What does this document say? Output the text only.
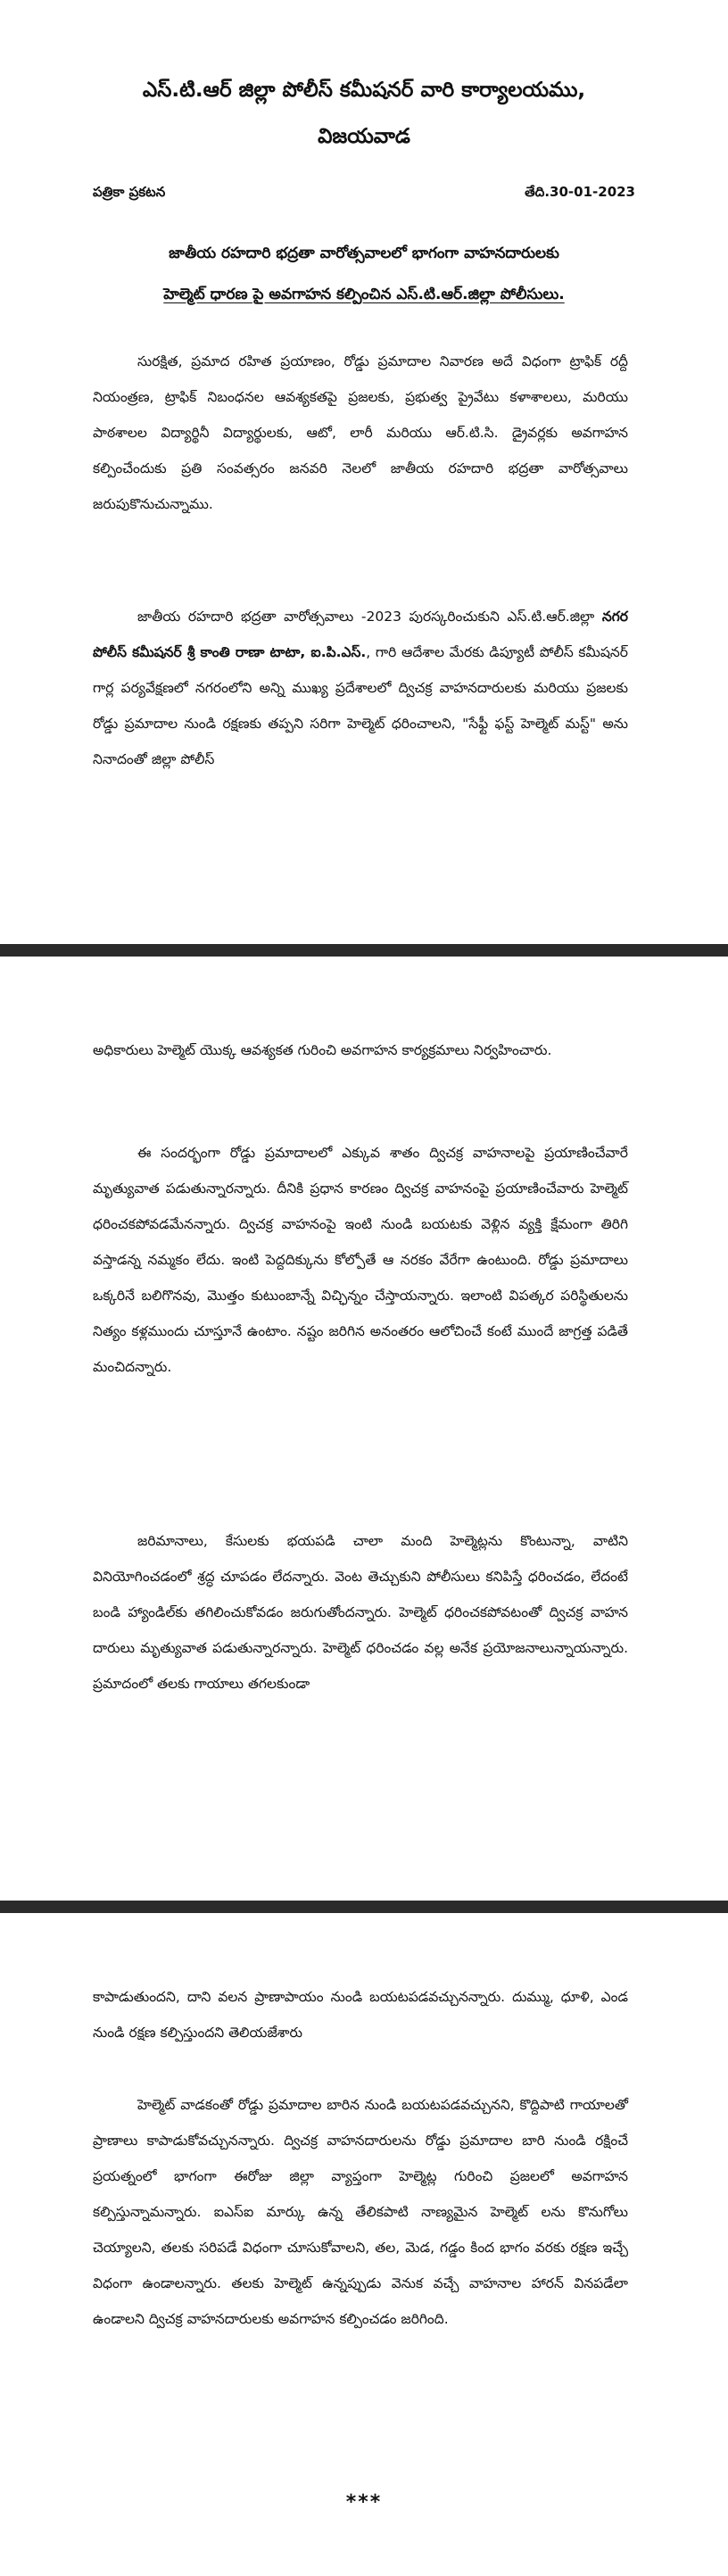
ఎస్.టి.ఆర్ జిల్లా పోలీస్ కమీషనర్ వారి కార్యాలయము,
విజయవాడ
పత్రికా ప్రకటన	తేది.30-01-2023
జాతీయ రహదారి భద్రతా వారోత్సవాలలో భాగంగా వాహనదారులకు
హెల్మెట్ ధారణ పై అవగాహన కల్పించిన ఎస్.టి.ఆర్.జిల్లా పోలీసులు.

సురక్షిత, ప్రమాద రహిత ప్రయాణం, రోడ్డు ప్రమాదాల నివారణ అదే విధంగా ట్రాఫిక్ రద్దీ నియంత్రణ, ట్రాఫిక్ నిబంధనల ఆవశ్యకతపై ప్రజలకు, ప్రభుత్వ ప్రైవేటు కళాశాలలు, మరియు పాఠశాలల విద్యార్థినీ విద్యార్థులకు, ఆటో, లారీ మరియు ఆర్.టి.సి. డ్రైవర్లకు అవగాహన కల్పించేందుకు ప్రతి సంవత్సరం జనవరి నెలలో జాతీయ రహదారి భద్రతా వారోత్సవాలు జరుపుకొనుచున్నాము.

జాతీయ రహదారి భద్రతా వారోత్సవాలు -2023 పురస్కరించుకుని ఎస్.టి.ఆర్.జిల్లా నగర పోలీస్ కమీషనర్ శ్రీ కాంతి రాణా టాటా, ఐ.పి.ఎస్., గారి ఆదేశాల మేరకు డిప్యూటీ పోలీస్ కమీషనర్ గార్ల పర్యవేక్షణలో నగరంలోని అన్ని ముఖ్య ప్రదేశాలలో ద్విచక్ర వాహనదారులకు మరియు ప్రజలకు రోడ్డు ప్రమాదాల నుండి రక్షణకు తప్పని సరిగా హెల్మెట్ ధరించాలని, "సేఫ్టీ ఫస్ట్ హెల్మెట్ మస్ట్" అను నినాదంతో జిల్లా పోలీస్

అధికారులు హెల్మెట్ యొక్క ఆవశ్యకత గురించి అవగాహన కార్యక్రమాలు నిర్వహించారు.

ఈ సందర్భంగా రోడ్డు ప్రమాదాలలో ఎక్కువ శాతం ద్విచక్ర వాహనాలపై ప్రయాణించేవారే మృత్యువాత పడుతున్నారన్నారు. దీనికి ప్రధాన కారణం ద్విచక్ర వాహనంపై ప్రయాణించేవారు హెల్మెట్ ధరించకపోవడమేనన్నారు. ద్విచక్ర వాహనంపై ఇంటి నుండి బయటకు వెళ్లిన వ్యక్తి క్షేమంగా తిరిగి వస్తాడన్న నమ్మకం లేదు. ఇంటి పెద్దదిక్కును కోల్పోతే ఆ నరకం వేరేగా ఉంటుంది. రోడ్డు ప్రమాదాలు ఒక్కరినే బలిగొనవు, మొత్తం కుటుంబాన్నే విచ్ఛిన్నం చేస్తాయన్నారు. ఇలాంటి విపత్కర పరిస్థితులను నిత్యం కళ్లముందు చూస్తూనే ఉంటాం. నష్టం జరిగిన అనంతరం ఆలోచించే కంటే ముందే జాగ్రత్త పడితే మంచిదన్నారు.

జరిమానాలు, కేసులకు భయపడి చాలా మంది హెల్మెట్లను కొంటున్నా, వాటిని వినియోగించడంలో శ్రద్ధ చూపడం లేదన్నారు. వెంట తెచ్చుకుని పోలీసులు కనిపిస్తే ధరించడం, లేదంటే బండి హ్యాండిల్‌కు తగిలించుకోవడం జరుగుతోందన్నారు. హెల్మెట్ ధరించకపోవటంతో ద్విచక్ర వాహన దారులు మృత్యువాత పడుతున్నారన్నారు. హెల్మెట్ ధరించడం వల్ల అనేక ప్రయోజనాలున్నాయన్నారు. ప్రమాదంలో తలకు గాయాలు తగలకుండా

కాపాడుతుందని, దాని వలన ప్రాణాపాయం నుండి బయటపడవచ్చునన్నారు. దుమ్ము, ధూళి, ఎండ నుండి రక్షణ కల్పిస్తుందని తెలియజేశారు

హెల్మెట్ వాడకంతో రోడ్డు ప్రమాదాల బారిన నుండి బయటపడవచ్చునని, కొద్దిపాటి గాయాలతో ప్రాణాలు కాపాడుకోవచ్చునన్నారు. ద్విచక్ర వాహనదారులను రోడ్డు ప్రమాదాల బారి నుండి రక్షించే ప్రయత్నంలో భాగంగా ఈరోజు జిల్లా వ్యాప్తంగా హెల్మెట్ల గురించి ప్రజలలో అవగాహన కల్పిస్తున్నామన్నారు. ఐఎస్ఐ మార్కు ఉన్న తేలికపాటి నాణ్యమైన హెల్మెట్ లను కొనుగోలు చెయ్యాలని, తలకు సరిపడే విధంగా చూసుకోవాలని, తల, మెడ, గడ్డం కింద భాగం వరకు రక్షణ ఇచ్చే విధంగా ఉండాలన్నారు. తలకు హెల్మెట్ ఉన్నప్పుడు వెనుక వచ్చే వాహనాల హారన్ వినపడేలా ఉండాలని ద్విచక్ర వాహనదారులకు అవగాహన కల్పించడం జరిగింది.

***
